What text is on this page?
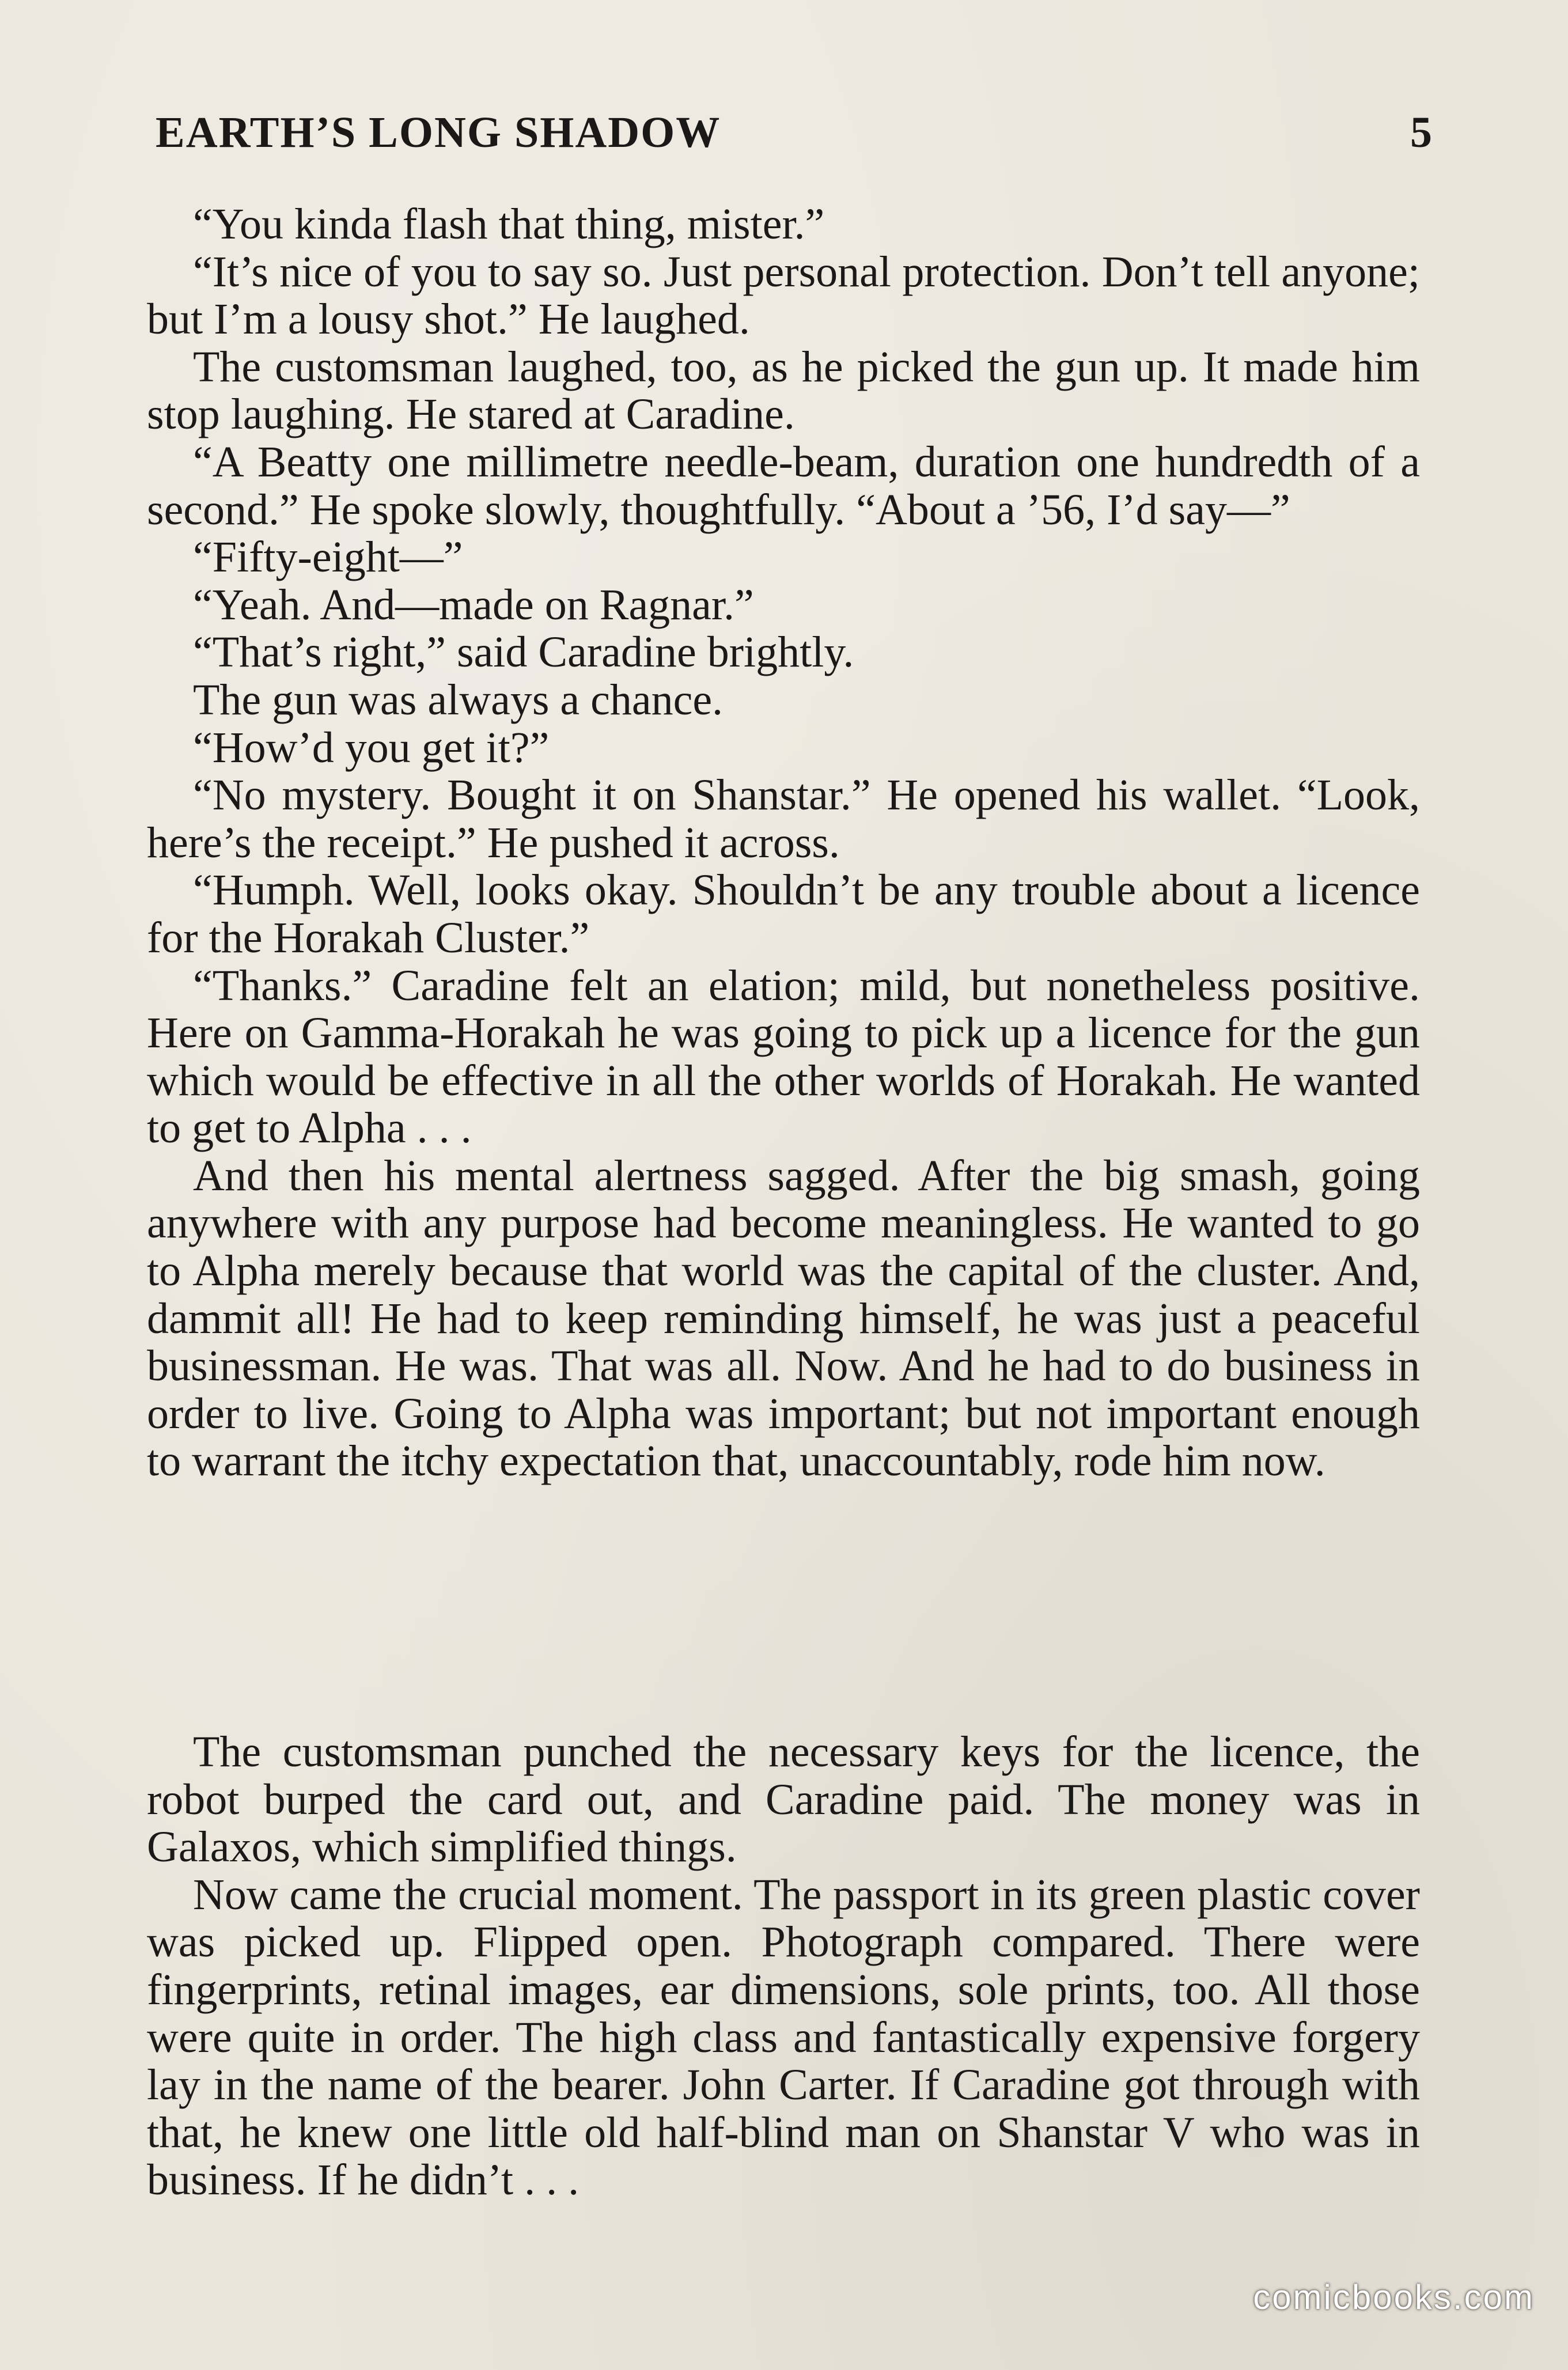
EARTH’S LONG SHADOW	5

“You kinda flash that thing, mister.”

“It’s nice of you to say so. Just personal protection. Don’t tell anyone; but I’m a lousy shot.” He laughed.

The customsman laughed, too, as he picked the gun up. It made him stop laughing. He stared at Caradine.

“A Beatty one millimetre needle-beam, duration one hundredth of a second.” He spoke slowly, thoughtfully. “About a ’56, I’d say—”

“Fifty-eight—”

“Yeah. And—made on Ragnar.”

“That’s right,” said Caradine brightly.

The gun was always a chance.

“How’d you get it?”

“No mystery. Bought it on Shanstar.” He opened his wallet. “Look, here’s the receipt.” He pushed it across.

“Humph. Well, looks okay. Shouldn’t be any trouble about a licence for the Horakah Cluster.”

“Thanks.” Caradine felt an elation; mild, but nonetheless positive. Here on Gamma-Horakah he was going to pick up a licence for the gun which would be effective in all the other worlds of Horakah. He wanted to get to Alpha . . .

And then his mental alertness sagged. After the big smash, going anywhere with any purpose had become meaningless. He wanted to go to Alpha merely because that world was the capital of the cluster. And, dammit all! He had to keep reminding himself, he was just a peaceful businessman. He was. That was all. Now. And he had to do business in order to live. Going to Alpha was important; but not important enough to warrant the itchy expectation that, unaccountably, rode him now.

The customsman punched the necessary keys for the licence, the robot burped the card out, and Caradine paid. The money was in Galaxos, which simplified things.

Now came the crucial moment. The passport in its green plastic cover was picked up. Flipped open. Photograph compared. There were fingerprints, retinal images, ear dimensions, sole prints, too. All those were quite in order. The high class and fantastically expensive forgery lay in the name of the bearer. John Carter. If Caradine got through with that, he knew one little old half-blind man on Shanstar V who was in business. If he didn’t . . .

comicbooks.com
